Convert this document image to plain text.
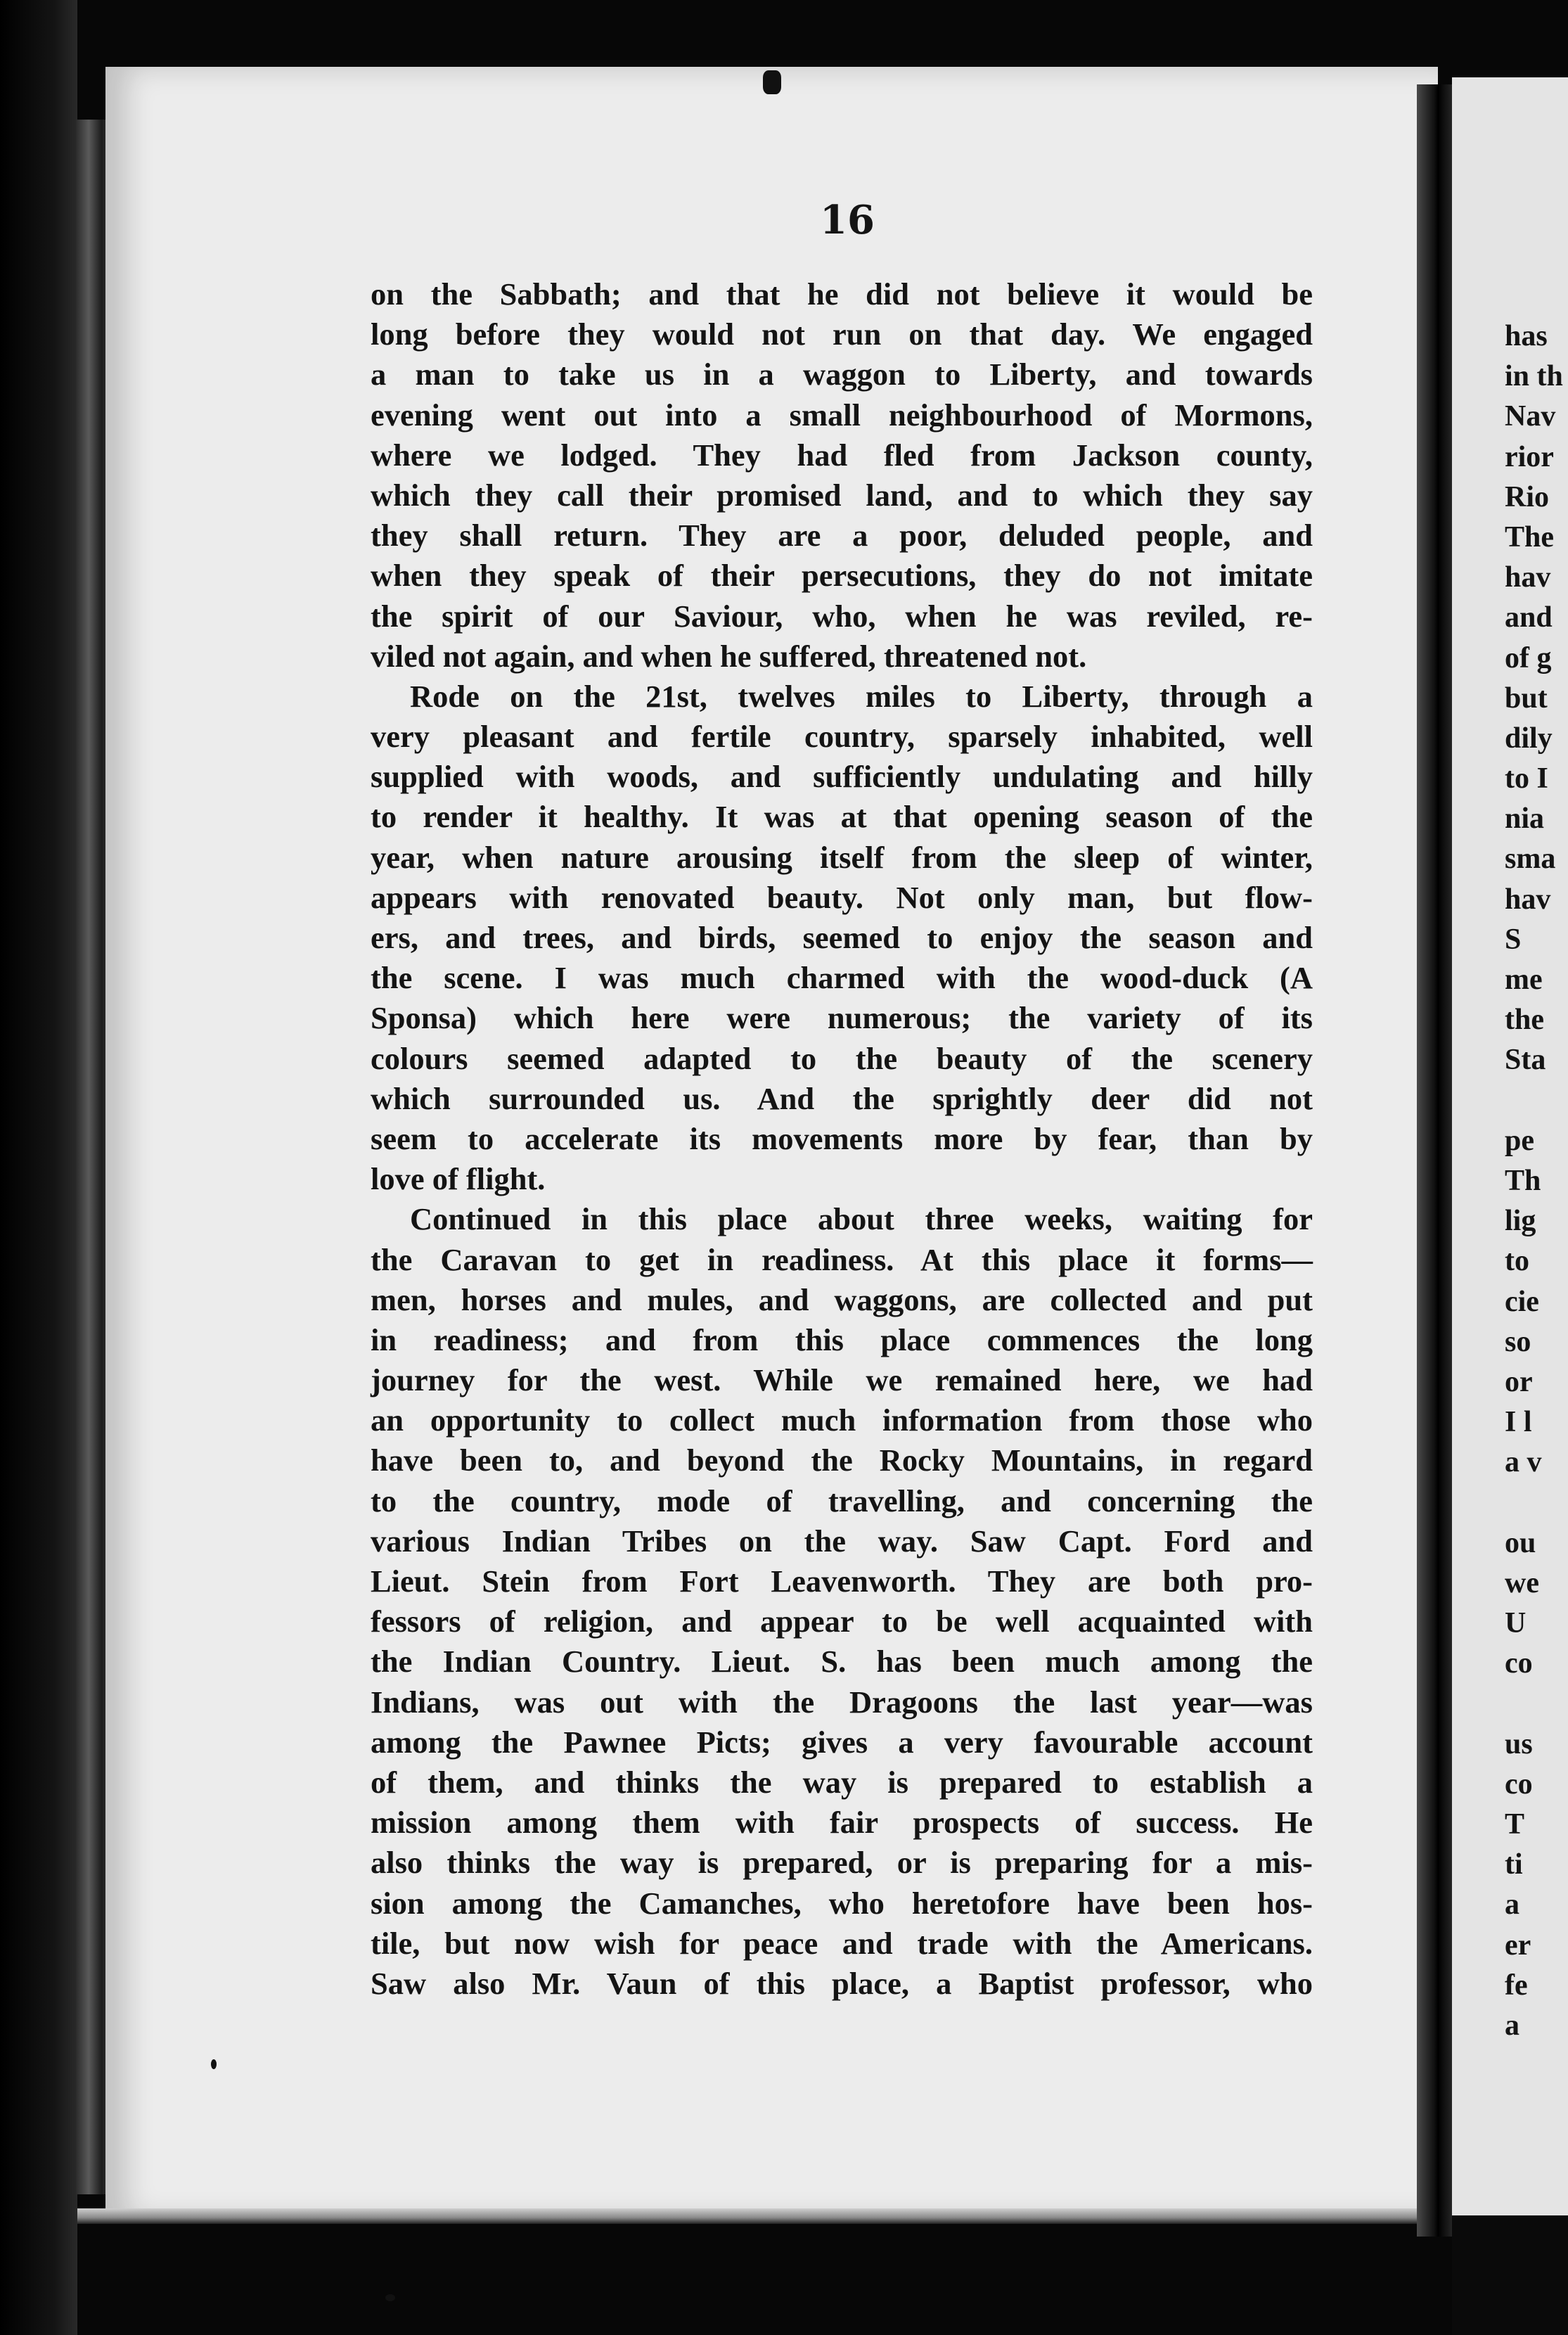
16
on the Sabbath; and that he did not believe it would be
long before they would not run on that day. We engaged
a man to take us in a waggon to Liberty, and towards
evening went out into a small neighbourhood of Mormons,
where we lodged. They had fled from Jackson county,
which they call their promised land, and to which they say
they shall return. They are a poor, deluded people, and
when they speak of their persecutions, they do not imitate
the spirit of our Saviour, who, when he was reviled, re-
viled not again, and when he suffered, threatened not.
Rode on the 21st, twelves miles to Liberty, through a
very pleasant and fertile country, sparsely inhabited, well
supplied with woods, and sufficiently undulating and hilly
to render it healthy. It was at that opening season of the
year, when nature arousing itself from the sleep of winter,
appears with renovated beauty. Not only man, but flow-
ers, and trees, and birds, seemed to enjoy the season and
the scene. I was much charmed with the wood-duck (A
Sponsa) which here were numerous; the variety of its
colours seemed adapted to the beauty of the scenery
which surrounded us. And the sprightly deer did not
seem to accelerate its movements more by fear, than by
love of flight.
Continued in this place about three weeks, waiting for
the Caravan to get in readiness. At this place it forms—
men, horses and mules, and waggons, are collected and put
in readiness; and from this place commences the long
journey for the west. While we remained here, we had
an opportunity to collect much information from those who
have been to, and beyond the Rocky Mountains, in regard
to the country, mode of travelling, and concerning the
various Indian Tribes on the way. Saw Capt. Ford and
Lieut. Stein from Fort Leavenworth. They are both pro-
fessors of religion, and appear to be well acquainted with
the Indian Country. Lieut. S. has been much among the
Indians, was out with the Dragoons the last year—was
among the Pawnee Picts; gives a very favourable account
of them, and thinks the way is prepared to establish a
mission among them with fair prospects of success. He
also thinks the way is prepared, or is preparing for a mis-
sion among the Camanches, who heretofore have been hos-
tile, but now wish for peace and trade with the Americans.
Saw also Mr. Vaun of this place, a Baptist professor, who
has
in th
Nav
rior
Rio
The
hav
and
of g
but
dily
to I
nia
sma
hav
S
me
the
Sta
pe
Th
lig
to
cie
so
or
I l
a v
ou
we
U
co
us
co
T
ti
a
er
fe
a
